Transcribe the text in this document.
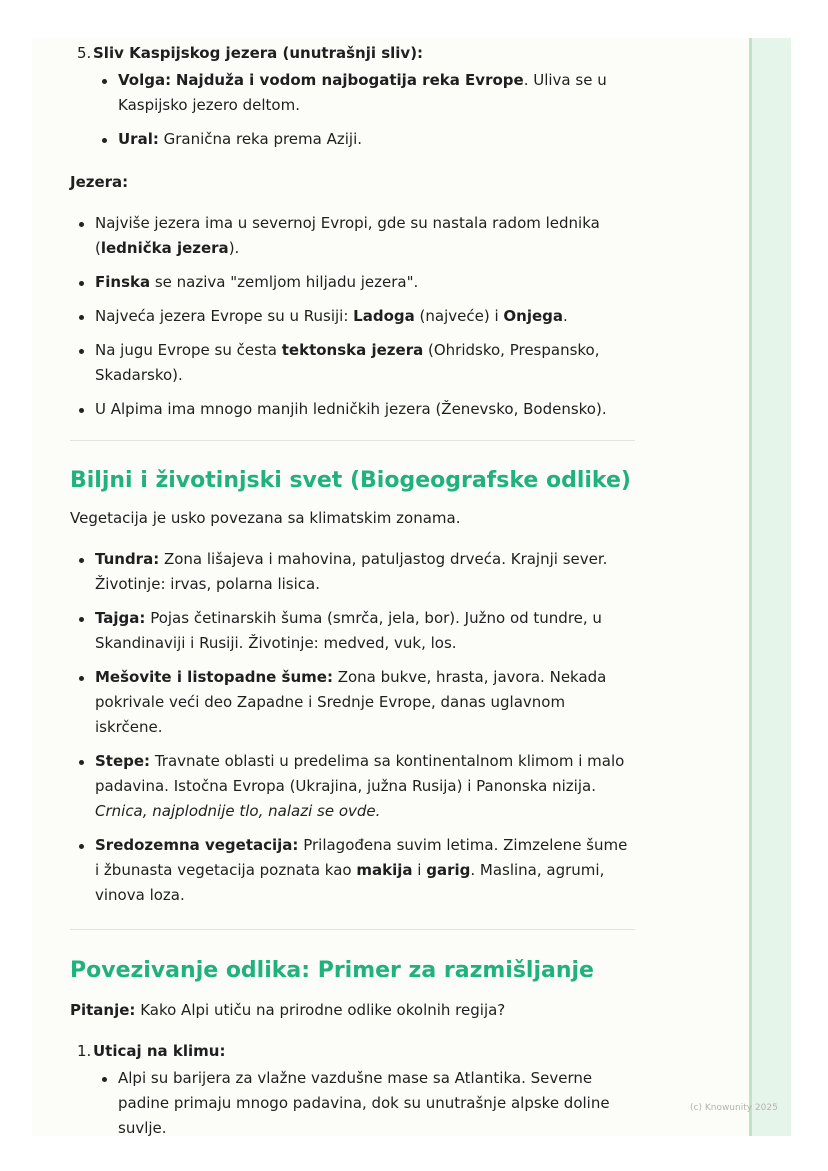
5. Sliv Kaspijskog jezera (unutrašnji sliv):
Volga: Najduža i vodom najbogatija reka Evrope. Uliva se u Kaspijsko jezero deltom.
Ural: Granična reka prema Aziji.

Jezera:

Najviše jezera ima u severnoj Evropi, gde su nastala radom lednika (lednička jezera).
Finska se naziva "zemljom hiljadu jezera".
Najveća jezera Evrope su u Rusiji: Ladoga (najveće) i Onjega.
Na jugu Evrope su česta tektonska jezera (Ohridsko, Prespansko, Skadarsko).
U Alpima ima mnogo manjih ledničkih jezera (Ženevsko, Bodensko).
Biljni i životinjski svet (Biogeografske odlike)

Vegetacija je usko povezana sa klimatskim zonama.

Tundra: Zona lišajeva i mahovina, patuljastog drveća. Krajnji sever. Životinje: irvas, polarna lisica.
Tajga: Pojas četinarskih šuma (smrča, jela, bor). Južno od tundre, u Skandinaviji i Rusiji. Životinje: medved, vuk, los.
Mešovite i listopadne šume: Zona bukve, hrasta, javora. Nekada pokrivale veći deo Zapadne i Srednje Evrope, danas uglavnom iskrčene.
Stepe: Travnate oblasti u predelima sa kontinentalnom klimom i malo padavina. Istočna Evropa (Ukrajina, južna Rusija) i Panonska nizija. Crnica, najplodnije tlo, nalazi se ovde.
Sredozemna vegetacija: Prilagođena suvim letima. Zimzelene šume i žbunasta vegetacija poznata kao makija i garig. Maslina, agrumi, vinova loza.
Povezivanje odlika: Primer za razmišljanje

Pitanje: Kako Alpi utiču na prirodne odlike okolnih regija?

1. Uticaj na klimu:
Alpi su barijera za vlažne vazdušne mase sa Atlantika. Severne padine primaju mnogo padavina, dok su unutrašnje alpske doline suvlje.
(c) Knowunity 2025
